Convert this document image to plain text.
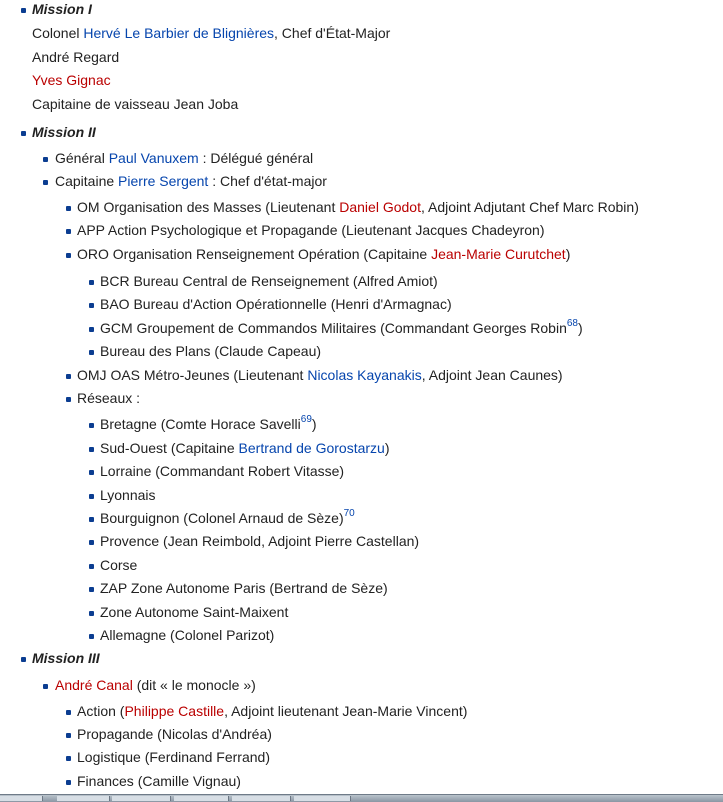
Mission I
Colonel Hervé Le Barbier de Blignières, Chef d'État-Major
André Regard
Yves Gignac
Capitaine de vaisseau Jean Joba
Mission II
Général Paul Vanuxem : Délégué général
Capitaine Pierre Sergent : Chef d'état-major
OM Organisation des Masses (Lieutenant Daniel Godot, Adjoint Adjutant Chef Marc Robin)
APP Action Psychologique et Propagande (Lieutenant Jacques Chadeyron)
ORO Organisation Renseignement Opération (Capitaine Jean-Marie Curutchet)
BCR Bureau Central de Renseignement (Alfred Amiot)
BAO Bureau d'Action Opérationnelle (Henri d'Armagnac)
GCM Groupement de Commandos Militaires (Commandant Georges Robin$^{68}$)
Bureau des Plans (Claude Capeau)
OMJ OAS Métro-Jeunes (Lieutenant Nicolas Kayanakis, Adjoint Jean Caunes)
Réseaux :
Bretagne (Comte Horace Savelli$^{69}$)
Sud-Ouest (Capitaine Bertrand de Gorostarzu)
Lorraine (Commandant Robert Vitasse)
Lyonnais
Bourguignon (Colonel Arnaud de Sèze)$^{70}$
Provence (Jean Reimbold, Adjoint Pierre Castellan)
Corse
ZAP Zone Autonome Paris (Bertrand de Sèze)
Zone Autonome Saint-Maixent
Allemagne (Colonel Parizot)
Mission III
André Canal (dit « le monocle »)
Action (Philippe Castille, Adjoint lieutenant Jean-Marie Vincent)
Propagande (Nicolas d'Andréa)
Logistique (Ferdinand Ferrand)
Finances (Camille Vignau)
